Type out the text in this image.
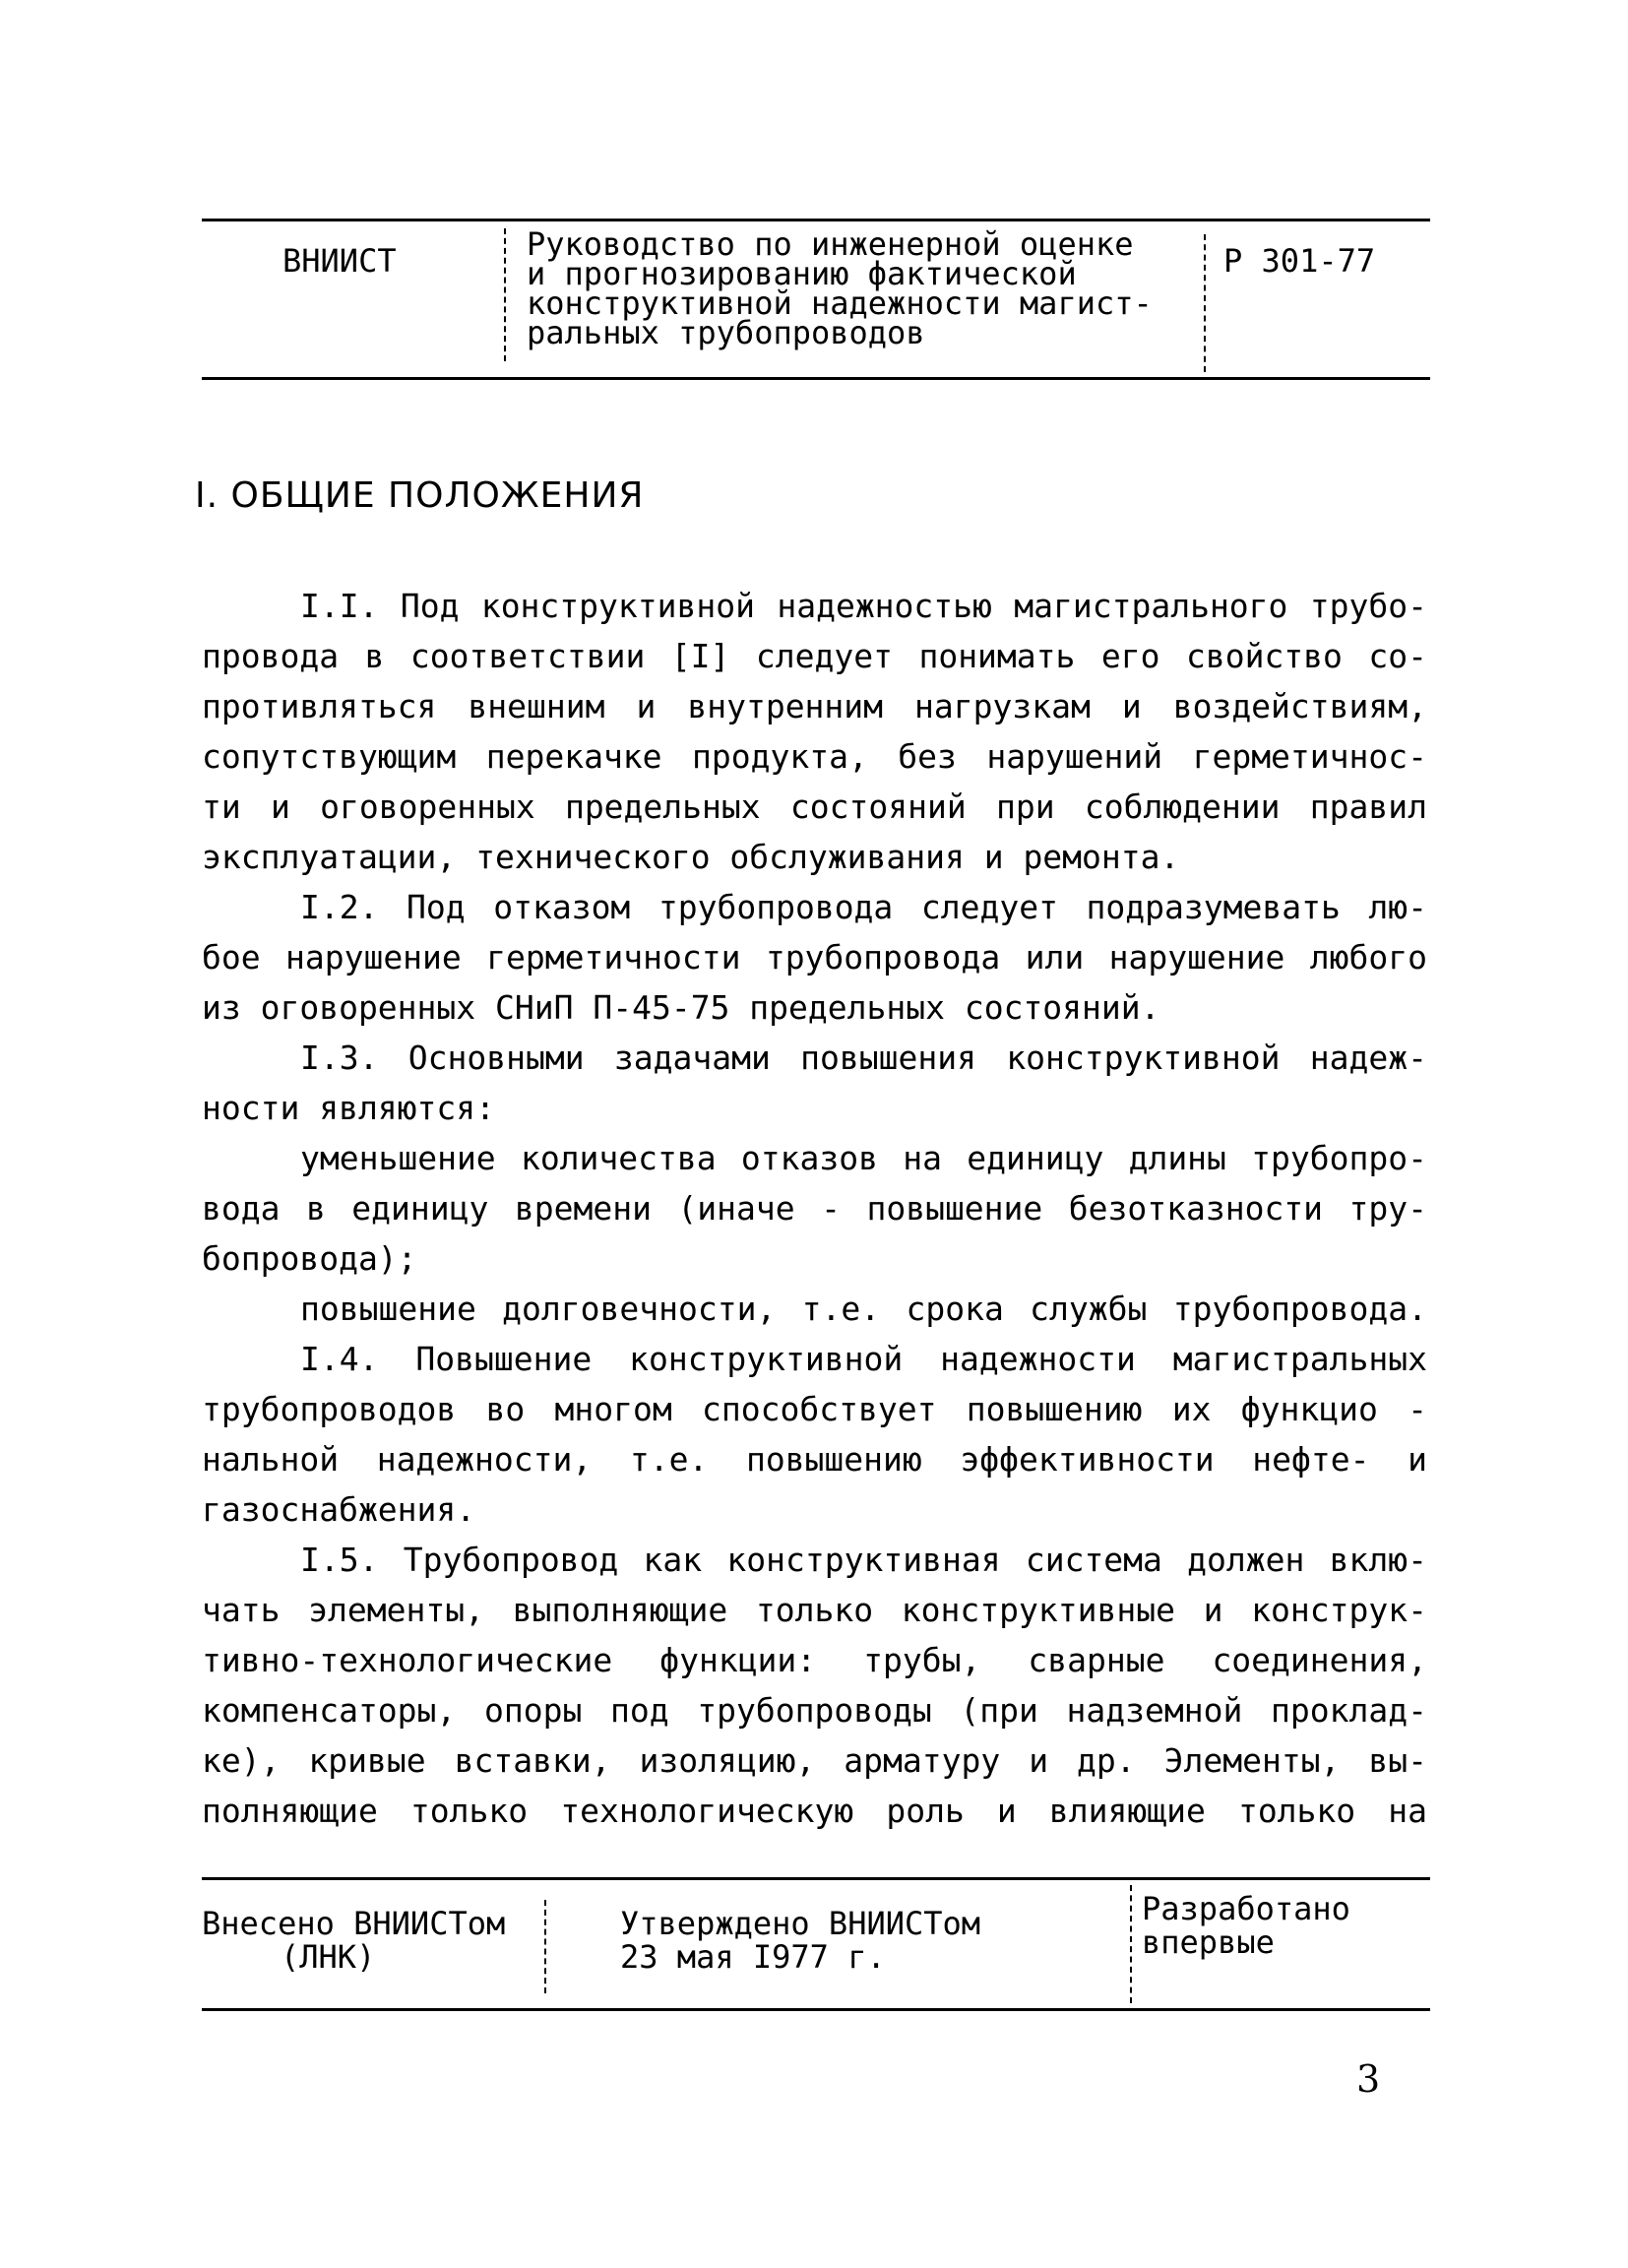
ВНИИСТ	Руководство по инженерной оценке
и прогнозированию фактической
конструктивной надежности магист-
ральных трубопроводов
Р 301-77
I. ОБЩИЕ ПОЛОЖЕНИЯ
I.I. Под конструктивной надежностью магистрального трубо-
провода в соответствии [I] следует понимать его свойство со-
противляться внешним и внутренним нагрузкам и воздействиям,
сопутствующим перекачке продукта, без нарушений герметичнос-
ти и оговоренных предельных состояний при соблюдении правил
эксплуатации, технического обслуживания и ремонта.
I.2. Под отказом трубопровода следует подразумевать лю-
бое нарушение герметичности трубопровода или нарушение любого
из оговоренных СНиП П-45-75 предельных состояний.
I.3. Основными задачами повышения конструктивной надеж-
ности являются:
уменьшение количества отказов на единицу длины трубопро-
вода в единицу времени (иначе - повышение безотказности тру-
бопровода);
повышение долговечности, т.е. срока службы трубопровода.
I.4. Повышение конструктивной надежности магистральных
трубопроводов во многом способствует повышению их функцио -
нальной надежности, т.е. повышению эффективности нефте- и
газоснабжения.
I.5. Трубопровод как конструктивная система должен вклю-
чать элементы, выполняющие только конструктивные и конструк-
тивно-технологические функции: трубы, сварные соединения,
компенсаторы, опоры под трубопроводы (при надземной проклад-
ке), кривые вставки, изоляцию, арматуру и др. Элементы, вы-
полняющие только технологическую роль и влияющие только на
Внесено ВНИИСТом
(ЛНК)
Утверждено ВНИИСТом
23 мая I977 г.
Разработано
впервые
3
